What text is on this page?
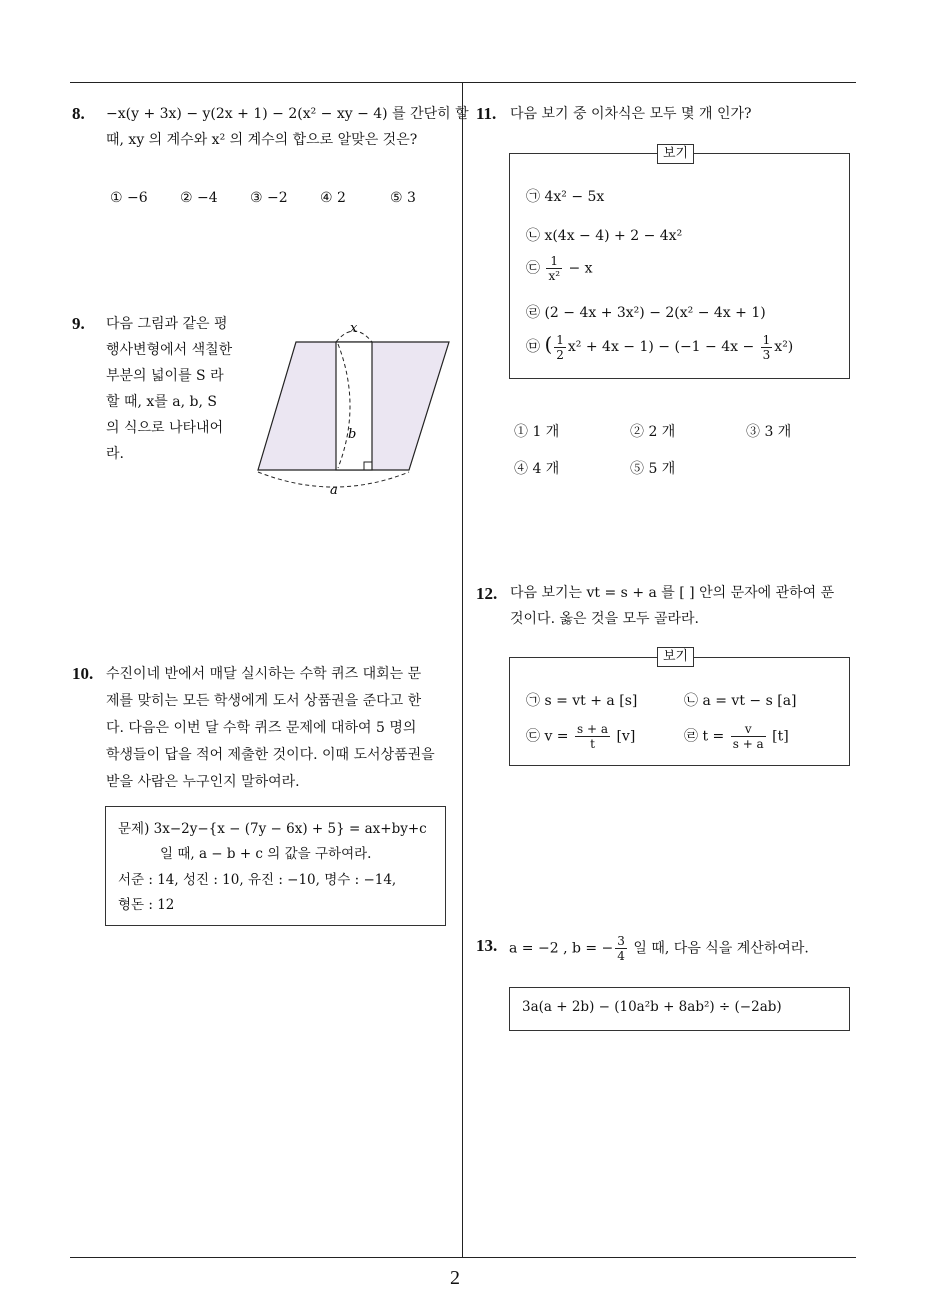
8. −x(y + 3x) − y(2x + 1) − 2(x² − xy − 4) 를 간단히 할
때, xy 의 계수와 x² 의 계수의 합으로 알맞은 것은?
① −6 ② −4 ③ −2 ④ 2	⑤ 3
9. 다음 그림과 같은 평
행사변형에서 색칠한
부분의 넓이를 S 라
할 때, x를 a, b, S
의 식으로 나타내어
라.
x
b
a
10. 수진이네 반에서 매달 실시하는 수학 퀴즈 대회는 문
제를 맞히는 모든 학생에게 도서 상품권을 준다고 한
다. 다음은 이번 달 수학 퀴즈 문제에 대하여 5 명의
학생들이 답을 적어 제출한 것이다. 이때 도서상품권을
받을 사람은 누구인지 말하여라.
문제) 3x−2y−{x − (7y − 6x) + 5} = ax+by+c
일 때, a − b + c 의 값을 구하여라.
서준 : 14, 성진 : 10, 유진 : −10, 명수 : −14,
형돈 : 12
11. 다음 보기 중 이차식은 모두 몇 개 인가?
보기
㉠ 4x² − 5x
㉡ x(4x − 4) + 2 − 4x²
㉢ $\frac{1}{\text{x²}} - x$
㉣ (2 − 4x + 3x²) − 2(x² − 4x + 1)
㉤ ( $\frac{1}{2} x^2 + 4x - 1) - (-1 - 4x - \frac{1}{3} x^2)$
① 1 개	② 2 개	③ 3 개
④ 4 개	⑤ 5 개
12. 다음 보기는 vt = s + a 를 [ ] 안의 문자에 관하여 푼
것이다. 옳은 것을 모두 골라라.
보기
㉠ s = vt + a [s]	㉡ a = vt − s [a]
㉢ $v = \frac{s + a}{t} [v]$	㉣ $t = \frac{v}{s + a} [t]$
13. a = −2 , b = − $\frac{3}{4}$ 일 때, 다음 식을 계산하여라.
3a(a + 2b) − (10a²b + 8ab²) ÷ (−2ab)
2
